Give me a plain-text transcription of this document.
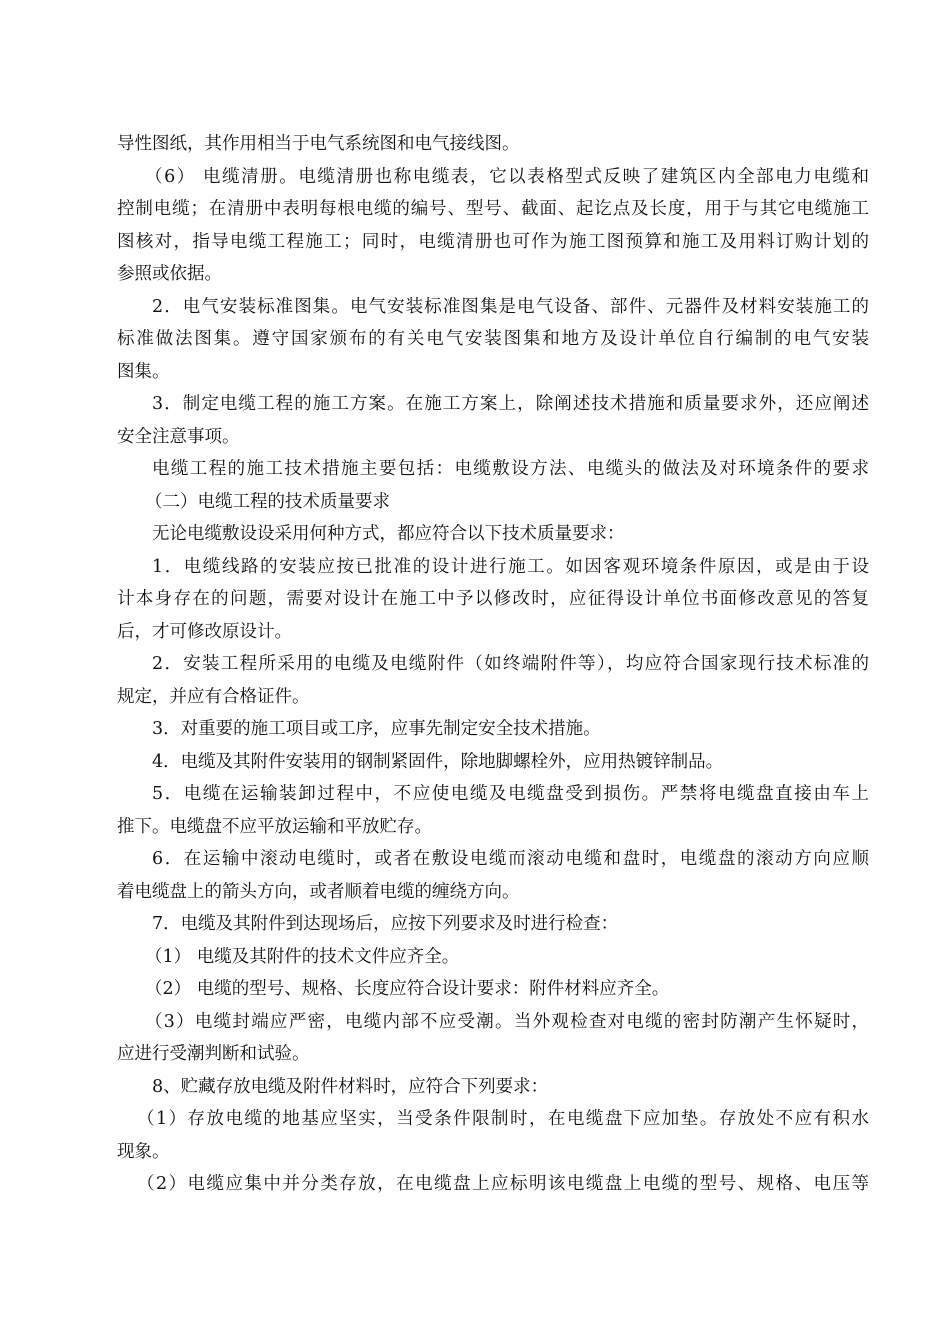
导性图纸，其作用相当于电气系统图和电气接线图。

（6） 电缆清册。电缆清册也称电缆表，它以表格型式反映了建筑区内全部电力电缆和

控制电缆；在清册中表明每根电缆的编号、型号、截面、起讫点及长度，用于与其它电缆施工

图核对，指导电缆工程施工；同时，电缆清册也可作为施工图预算和施工及用料订购计划的

参照或依据。

2．电气安装标准图集。电气安装标准图集是电气设备、部件、元器件及材料安装施工的

标准做法图集。遵守国家颁布的有关电气安装图集和地方及设计单位自行编制的电气安装

图集。

3．制定电缆工程的施工方案。在施工方案上，除阐述技术措施和质量要求外，还应阐述

安全注意事项。

电缆工程的施工技术措施主要包括：电缆敷设方法、电缆头的做法及对环境条件的要求

（二）电缆工程的技术质量要求

无论电缆敷设设采用何种方式，都应符合以下技术质量要求：

1．电缆线路的安装应按已批准的设计进行施工。如因客观环境条件原因，或是由于设

计本身存在的问题，需要对设计在施工中予以修改时，应征得设计单位书面修改意见的答复

后，才可修改原设计。

2．安装工程所采用的电缆及电缆附件（如终端附件等），均应符合国家现行技术标准的

规定，并应有合格证件。

3．对重要的施工项目或工序，应事先制定安全技术措施。

4．电缆及其附件安装用的钢制紧固件，除地脚螺栓外，应用热镀锌制品。

5．电缆在运输装卸过程中，不应使电缆及电缆盘受到损伤。严禁将电缆盘直接由车上

推下。电缆盘不应平放运输和平放贮存。

6．在运输中滚动电缆时，或者在敷设电缆而滚动电缆和盘时，电缆盘的滚动方向应顺

着电缆盘上的箭头方向，或者顺着电缆的缠绕方向。

7．电缆及其附件到达现场后，应按下列要求及时进行检查：

（1） 电缆及其附件的技术文件应齐全。

（2） 电缆的型号、规格、长度应符合设计要求：附件材料应齐全。

（3）电缆封端应严密，电缆内部不应受潮。当外观检查对电缆的密封防潮产生怀疑时，

应进行受潮判断和试验。

8、贮藏存放电缆及附件材料时，应符合下列要求：

（1）存放电缆的地基应坚实，当受条件限制时，在电缆盘下应加垫。存放处不应有积水

现象。

（2）电缆应集中并分类存放，在电缆盘上应标明该电缆盘上电缆的型号、规格、电压等
